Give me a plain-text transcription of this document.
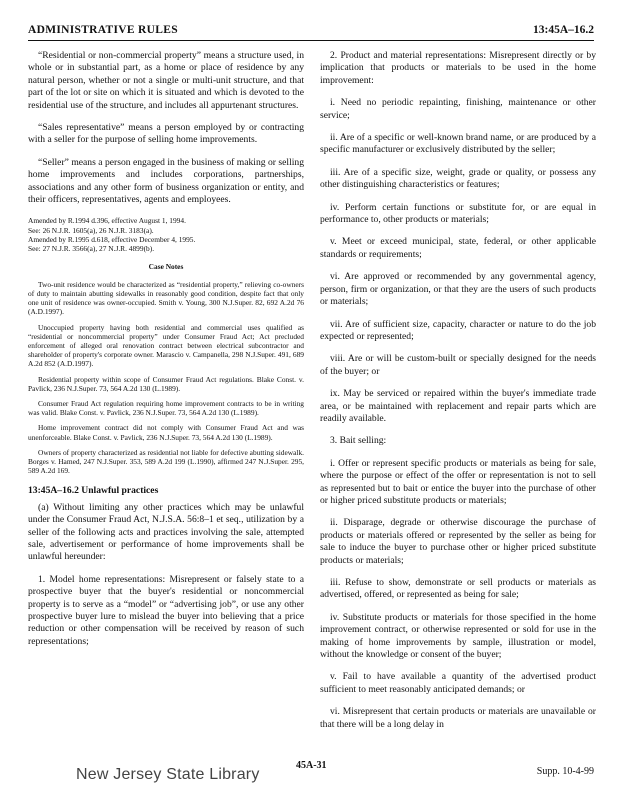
ADMINISTRATIVE RULES	13:45A–16.2

“Residential or non-commercial property” means a structure used, in whole or in substantial part, as a home or place of residence by any natural person, whether or not a single or multi-unit structure, and that part of the lot or site on which it is situated and which is devoted to the residential use of the structure, and includes all appurtenant structures.

“Sales representative” means a person employed by or contracting with a seller for the purpose of selling home improvements.

“Seller” means a person engaged in the business of making or selling home improvements and includes corporations, partnerships, associations and any other form of business organization or entity, and their officers, representatives, agents and employees.

Amended by R.1994 d.396, effective August 1, 1994.
See: 26 N.J.R. 1605(a), 26 N.J.R. 3183(a).
Amended by R.1995 d.618, effective December 4, 1995.
See: 27 N.J.R. 3566(a), 27 N.J.R. 4899(b).
Case Notes

Two-unit residence would be characterized as “residential property,” relieving co-owners of duty to maintain abutting sidewalks in reasonably good condition, despite fact that only one unit of residence was owner-occupied. Smith v. Young, 300 N.J.Super. 82, 692 A.2d 76 (A.D.1997).

Unoccupied property having both residential and commercial uses qualified as “residential or noncommercial property” under Consumer Fraud Act; Act precluded enforcement of alleged oral renovation contract between electrical subcontractor and shareholder of property's corporate owner. Marascio v. Campanella, 298 N.J.Super. 491, 689 A.2d 852 (A.D.1997).

Residential property within scope of Consumer Fraud Act regulations. Blake Const. v. Pavlick, 236 N.J.Super. 73, 564 A.2d 130 (L.1989).

Consumer Fraud Act regulation requiring home improvement contracts to be in writing was valid. Blake Const. v. Pavlick, 236 N.J.Super. 73, 564 A.2d 130 (L.1989).

Home improvement contract did not comply with Consumer Fraud Act and was unenforceable. Blake Const. v. Pavlick, 236 N.J.Super. 73, 564 A.2d 130 (L.1989).

Owners of property characterized as residential not liable for defective abutting sidewalk. Borges v. Hamed, 247 N.J.Super. 353, 589 A.2d 199 (L.1990), affirmed 247 N.J.Super. 295, 589 A.2d 169.

13:45A–16.2 Unlawful practices

(a) Without limiting any other practices which may be unlawful under the Consumer Fraud Act, N.J.S.A. 56:8–1 et seq., utilization by a seller of the following acts and practices involving the sale, attempted sale, advertisement or performance of home improvements shall be unlawful hereunder:

1. Model home representations: Misrepresent or falsely state to a prospective buyer that the buyer's residential or noncommercial property is to serve as a “model” or “advertising job”, or use any other prospective buyer lure to mislead the buyer into believing that a price reduction or other compensation will be received by reason of such representations;

2. Product and material representations: Misrepresent directly or by implication that products or materials to be used in the home improvement:

i. Need no periodic repainting, finishing, maintenance or other service;

ii. Are of a specific or well-known brand name, or are produced by a specific manufacturer or exclusively distributed by the seller;

iii. Are of a specific size, weight, grade or quality, or possess any other distinguishing characteristics or features;

iv. Perform certain functions or substitute for, or are equal in performance to, other products or materials;

v. Meet or exceed municipal, state, federal, or other applicable standards or requirements;

vi. Are approved or recommended by any governmental agency, person, firm or organization, or that they are the users of such products or materials;

vii. Are of sufficient size, capacity, character or nature to do the job expected or represented;

viii. Are or will be custom-built or specially designed for the needs of the buyer; or

ix. May be serviced or repaired within the buyer's immediate trade area, or be maintained with replacement and repair parts which are readily available.

3. Bait selling:

i. Offer or represent specific products or materials as being for sale, where the purpose or effect of the offer or representation is not to sell as represented but to bait or entice the buyer into the purchase of other or higher priced substitute products or materials;

ii. Disparage, degrade or otherwise discourage the purchase of products or materials offered or represented by the seller as being for sale to induce the buyer to purchase other or higher priced substitute products or materials;

iii. Refuse to show, demonstrate or sell products or materials as advertised, offered, or represented as being for sale;

iv. Substitute products or materials for those specified in the home improvement contract, or otherwise represented or sold for use in the making of home improvements by sample, illustration or model, without the knowledge or consent of the buyer;

v. Fail to have available a quantity of the advertised product sufficient to meet reasonably anticipated demands; or

vi. Misrepresent that certain products or materials are unavailable or that there will be a long delay in

New Jersey State Library
45A-31
Supp. 10-4-99
